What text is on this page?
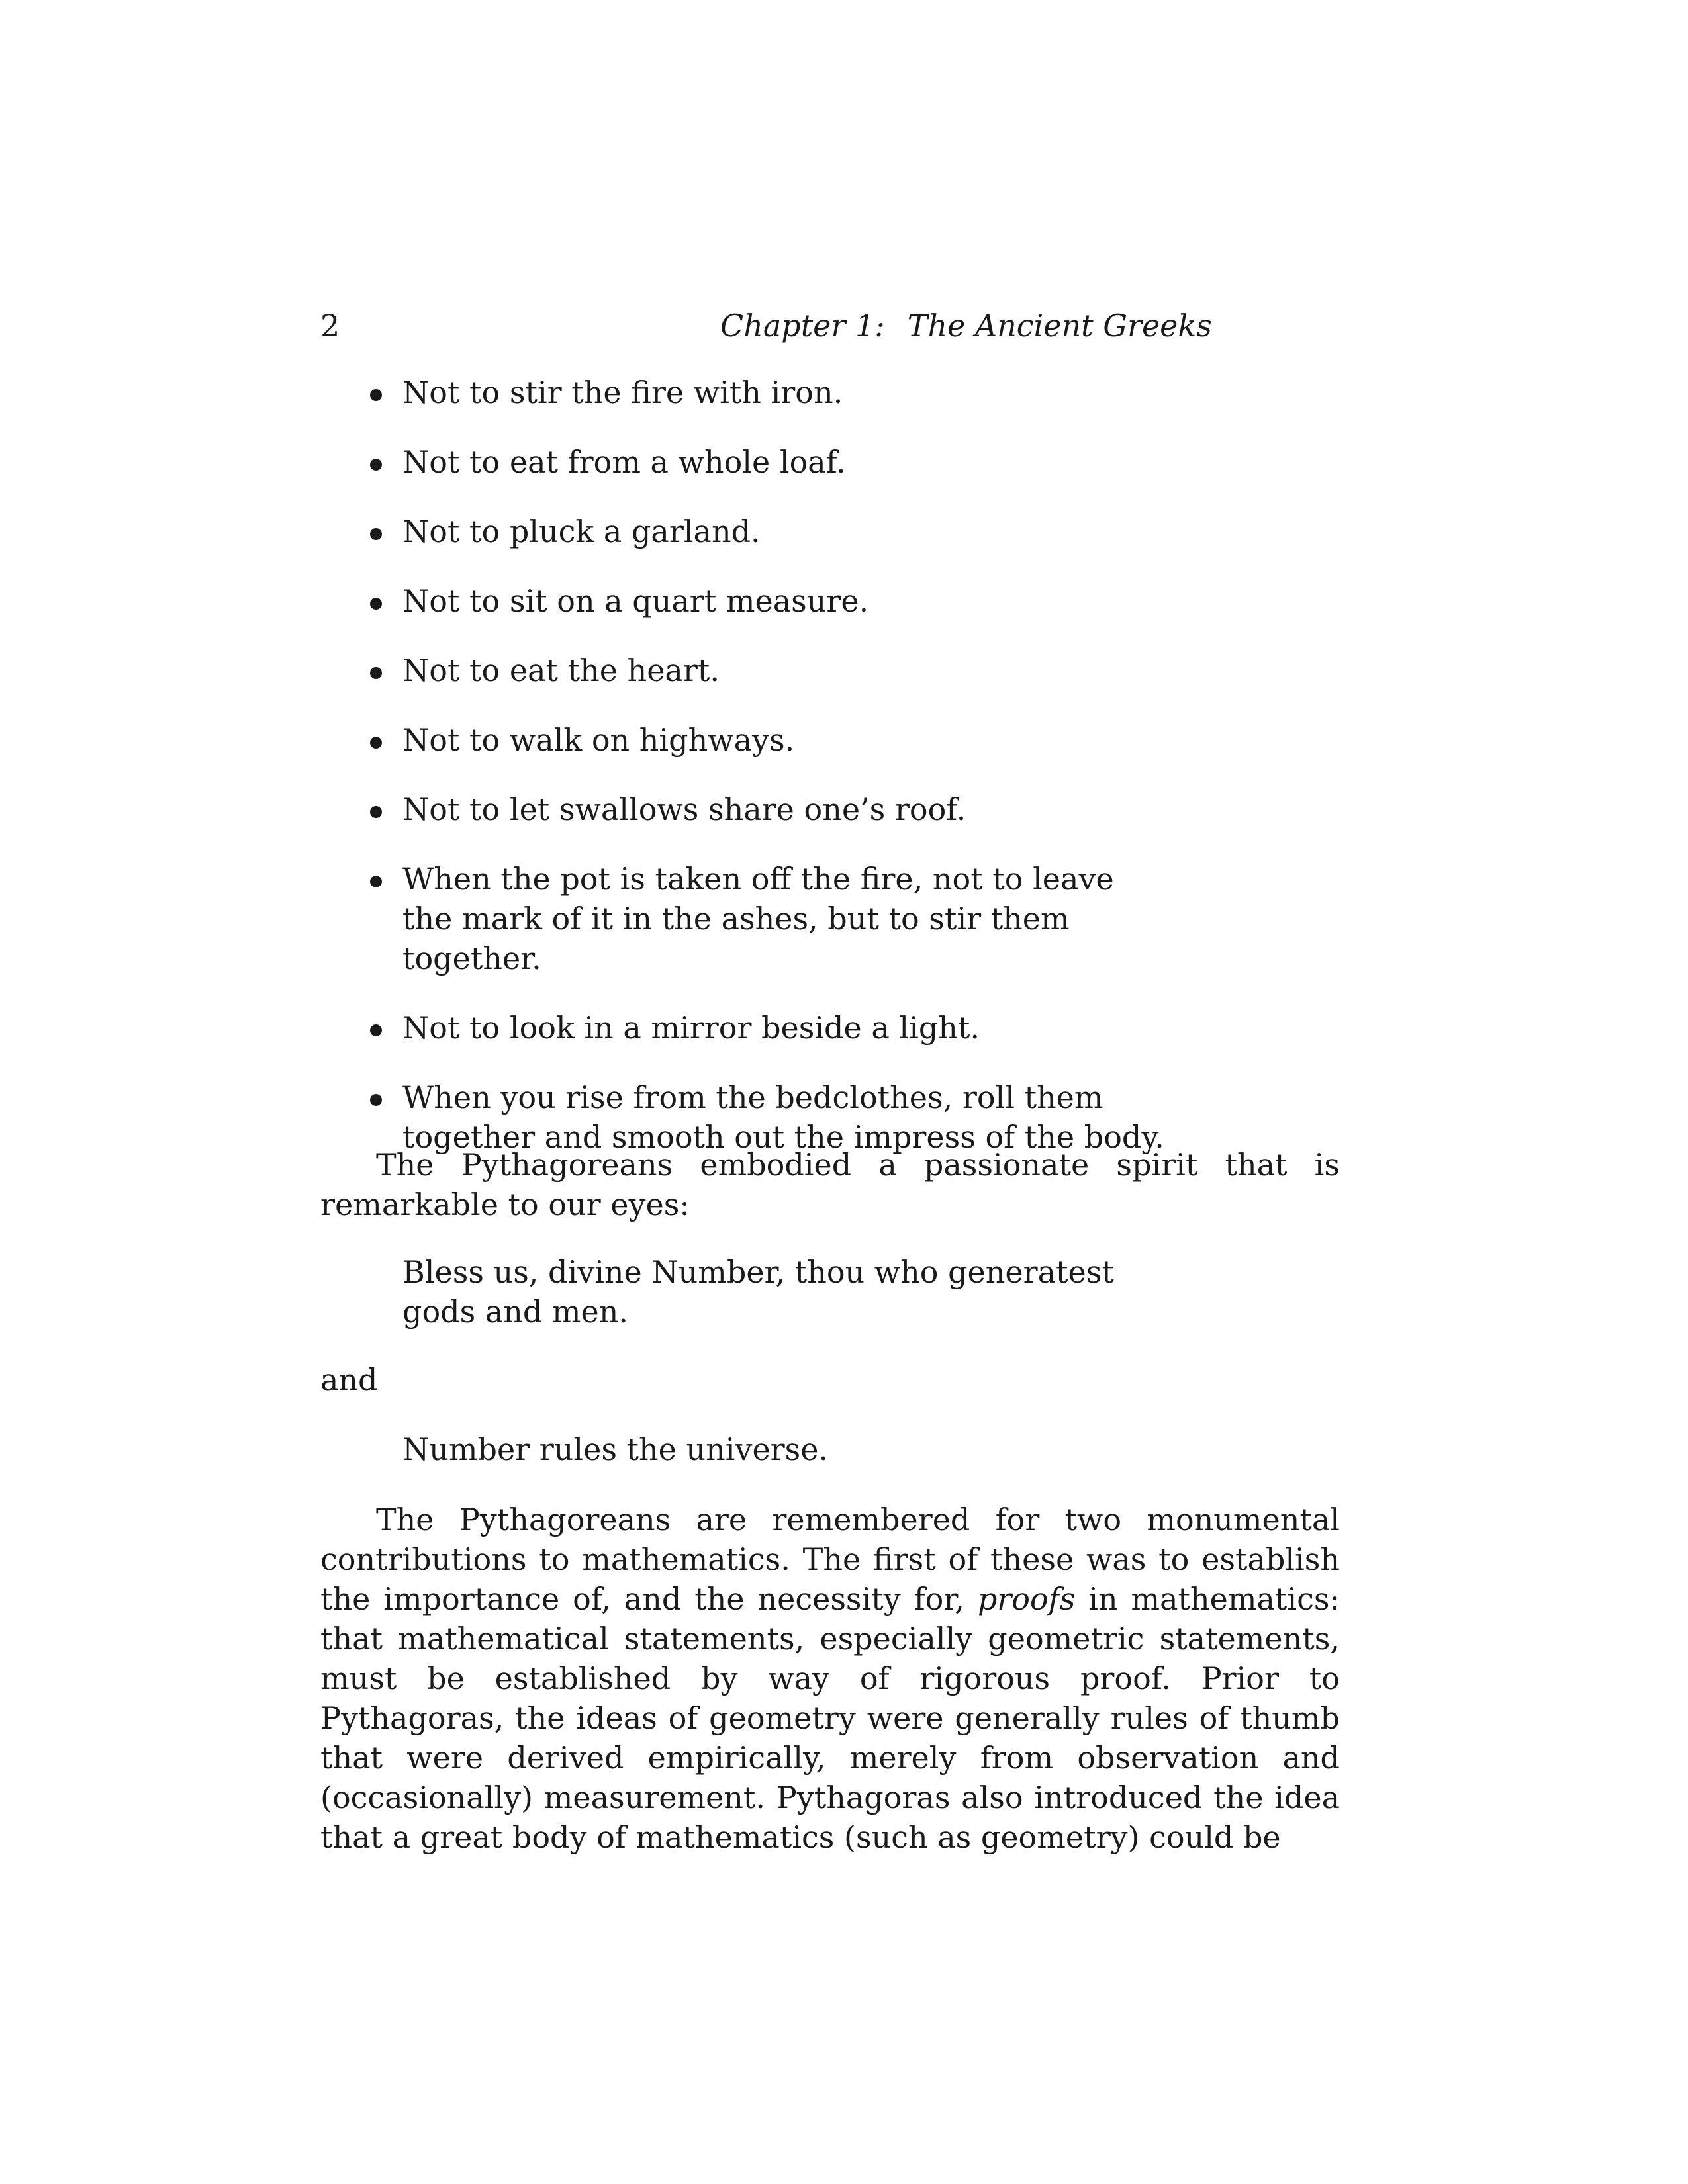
2	Chapter 1: The Ancient Greeks
Not to stir the fire with iron.
Not to eat from a whole loaf.
Not to pluck a garland.
Not to sit on a quart measure.
Not to eat the heart.
Not to walk on highways.
Not to let swallows share one’s roof.
When the pot is taken off the fire, not to leave the mark of it in the ashes, but to stir them together.
Not to look in a mirror beside a light.
When you rise from the bedclothes, roll them together and smooth out the impress of the body.

The Pythagoreans embodied a passionate spirit that is remarkable to our eyes:

Bless us, divine Number, thou who generatest gods and men.
and
Number rules the universe.

The Pythagoreans are remembered for two monumental contributions to mathematics. The first of these was to establish the importance of, and the necessity for, proofs in mathematics: that mathematical statements, especially geometric statements, must be established by way of rigorous proof. Prior to Pythagoras, the ideas of geometry were generally rules of thumb that were derived empirically, merely from observation and (occasionally) measurement. Pythagoras also introduced the idea that a great body of mathematics (such as geometry) could be
